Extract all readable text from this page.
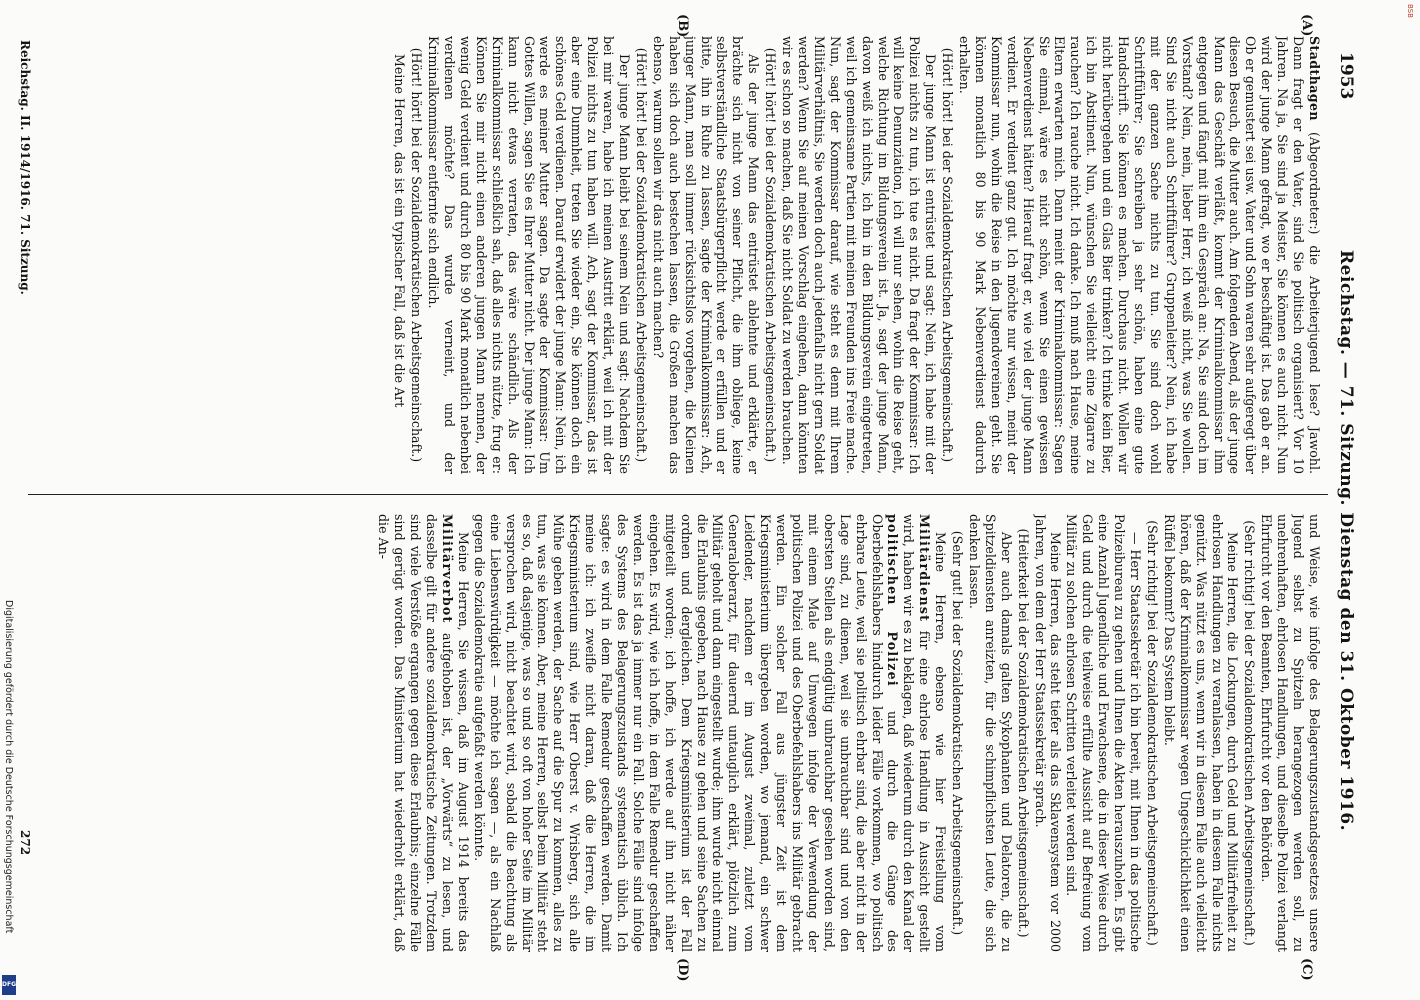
1953
Reichstag. — 71. Sitzung. Dienstag den 31. Oktober 1916.
(A)
(B)
(C)
(D)

Stadthagen (Abgeordneter:) die Arbeiterjugend lese? Jawohl. Dann fragt er den Vater, sind Sie politisch organisiert? Vor 10 Jahren. Na ja, Sie sind ja Meister, Sie können es auch nicht. Nun wird der junge Mann gefragt, wo er beschäftigt ist. Das gab er an. Ob er gemustert sei usw. Vater und Sohn waren sehr aufgeregt über diesen Besuch, die Mutter auch. Am folgenden Abend, als der junge Mann das Geschäft verläßt, kommt der Kriminalkommissar ihm entgegen und fängt mit ihm ein Gespräch an: Na, Sie sind doch im Vorstand? Nein, nein, lieber Herr, ich weiß nicht, was Sie wollen. Sind Sie nicht auch Schriftführer? Gruppenleiter? Nein, ich habe mit der ganzen Sache nichts zu tun. Sie sind doch wohl Schriftführer; Sie schreiben ja sehr schön, haben eine gute Handschrift. Sie können es machen. Durchaus nicht. Wollen wir nicht herübergehen und ein Glas Bier trinken? Ich trinke kein Bier, ich bin Abstinent. Nun, wünschen Sie vielleicht eine Zigarre zu rauchen? Ich rauche nicht. Ich danke. Ich muß nach Hause, meine Eltern erwarten mich. Dann meint der Kriminalkommissar: Sagen Sie einmal, wäre es nicht schön, wenn Sie einen gewissen Nebenverdienst hätten? Hierauf fragt er, wie viel der junge Mann verdient. Er verdient ganz gut. Ich möchte nur wissen, meint der Kommissar nun, wohin die Reise in den Jugendvereinen geht. Sie können monatlich 80 bis 90 Mark Nebenverdienst dadurch erhalten.

(Hört! hört! bei der Sozialdemokratischen Arbeitsgemeinschaft.)

Der junge Mann ist entrüstet und sagt: Nein, ich habe mit der Polizei nichts zu tun, ich tue es nicht. Da fragt der Kommissar: Ich will keine Denunziation, ich will nur sehen, wohin die Reise geht, welche Richtung im Bildungsverein ist. Ja, sagt der junge Mann, davon weiß ich nichts, ich bin in den Bildungsverein eingetreten, weil ich gemeinsame Partien mit meinen Freunden ins Freie mache. Nun, sagt der Kommissar darauf, wie steht es denn mit Ihrem Militärverhältnis, Sie werden doch auch jedenfalls nicht gern Soldat werden? Wenn Sie auf meinen Vorschlag eingehen, dann könnten wir es schon so machen, daß Sie nicht Soldat zu werden brauchen.

(Hört! hört! bei der Sozialdemokratischen Arbeitsgemeinschaft.)

Als der junge Mann das entrüstet ablehnte und erklärte, er brächte sich nicht von seiner Pflicht, die ihm obliege, keine selbstverständliche Staatsbürgerpflicht werde er erfüllen und er bitte, ihn in Ruhe zu lassen, sagte der Kriminalkommissar: Ach, junger Mann, man soll immer rücksichtslos vorgehen, die Kleinen haben sich doch auch bestechen lassen, die Großen machen das ebenso, warum sollen wir das nicht auch machen?

(Hört! hört! bei der Sozialdemokratischen Arbeitsgemeinschaft.)

Der junge Mann bleibt bei seinem Nein und sagt: Nachdem Sie bei mir waren, habe ich meinen Austritt erklärt, weil ich mit der Polizei nichts zu tun haben will. Ach, sagt der Kommissar, das ist aber eine Dummheit, treten Sie wieder ein, Sie können doch ein schönes Geld verdienen. Darauf erwidert der junge Mann: Nein, ich werde es meiner Mutter sagen. Da sagte der Kommissar: Um Gottes Willen, sagen Sie es Ihrer Mutter nicht. Der junge Mann: Ich kann nicht etwas verraten, das wäre schändlich. Als der Kriminalkommissar schließlich sah, daß alles nichts nützte, frug er: Können Sie mir nicht einen anderen jungen Mann nennen, der wenig Geld verdient und durch 80 bis 90 Mark monatlich nebenbei verdienen möchte? Das wurde verneint, und der Kriminalkommissar entfernte sich endlich.

(Hört! hört! bei der Sozialdemokratischen Arbeitsgemeinschaft.)

Meine Herren, das ist ein typischer Fall, daß ist die Art

und Weise, wie infolge des Belagerungszustandsgesetzes unsere Jugend selbst zu Spitzeln herangezogen werden soll, zu unehrenhaften, ehrlosen Handlungen, und dieselbe Polizei verlangt Ehrfurcht vor den Beamten, Ehrfurcht vor den Behörden.

(Sehr richtig! bei der Sozialdemokratischen Arbeitsgemeinschaft.)

Meine Herren, die Lockungen, durch Geld und Militärfreiheit zu ehrlosen Handlungen zu veranlassen, haben in diesem Falle nichts genützt. Was nützt es uns, wenn wir in diesem Falle auch vielleicht hören, daß der Kriminalkommissar wegen Ungeschicklichkeit einen Rüffel bekommt? Das System bleibt.

(Sehr richtig! bei der Sozialdemokratischen Arbeitsgemeinschaft.)

— Herr Staatssekretär ich bin bereit, mit Ihnen in das politische Polizeibureau zu gehen und Ihnen die Akten herauszuholen. Es gibt eine Anzahl Jugendliche und Erwachsene, die in dieser Weise durch Geld und durch die teilweise erfüllte Aussicht auf Befreiung vom Militär zu solchen ehrlosen Schritten verleitet werden sind.

Meine Herren, das steht tiefer als das Sklavensystem vor 2000 Jahren, von dem der Herr Staatssekretär sprach.

(Heiterkeit bei der Sozialdemokratischen Arbeitsgemeinschaft.)

Aber auch damals galten Sykophanten und Delatoren, die zu Spitzeldiensten anreizten, für die schimpflichsten Leute, die sich denken lassen.

(Sehr gut! bei der Sozialdemokratischen Arbeitsgemeinschaft.)

Meine Herren, ebenso wie hier Freistellung vom Militärdienst für eine ehrlose Handlung in Aussicht gestellt wird, haben wir es zu beklagen, daß wiederum durch den Kanal der politischen Polizei und durch die Gänge des Oberbefehlshabers hindurch leider Fälle vorkommen, wo politisch ehrbare Leute, weil sie politisch ehrbar sind, die aber nicht in der Lage sind, zu dienen, weil sie unbrauchbar sind und von den obersten Stellen als endgültig unbrauchbar gesehen worden sind, mit einem Male auf Umwegen infolge der Verwendung der politischen Polizei und des Oberbefehlshabers ins Militär gebracht werden. Ein solcher Fall aus jüngster Zeit ist dem Kriegsministerium übergeben worden, wo jemand, ein schwer Leidender, nachdem er im August zweimal, zuletzt vom Generaloberarzt, für dauernd untauglich erklärt, plötzlich zum Militär geholt und dann eingestellt wurde; ihm wurde nicht einmal die Erlaubnis gegeben, nach Hause zu gehen und seine Sachen zu ordnen und dergleichen. Dem Kriegsministerium ist der Fall mitgeteilt worden; ich hoffe, ich werde auf ihn nicht näher eingehen. Es wird, wie ich hoffe, in dem Falle Remedur geschaffen werden. Es ist das ja immer nur ein Fall. Solche Fälle sind infolge des Systems des Belagerungszustands systematisch üblich. Ich sagte: es wird in dem Falle Remedur geschaffen werden. Damit meine ich: ich zweifle nicht daran, daß die Herren, die im Kriegsministerium sind, wie Herr Oberst v. Wrisberg, sich alle Mühe geben werden, der Sache auf die Spur zu kommen, alles zu tun, was sie können. Aber, meine Herren, selbst beim Militär steht es so, daß dasjenige, was so und so oft von hoher Seite im Militär versprochen wird, nicht beachtet wird, sobald die Beachtung als eine Liebenswürdigkeit — möchte ich sagen —, als ein Nachlaß gegen die Sozialdemokratie aufgefaßt werden könnte.

Meine Herren, Sie wissen, daß im August 1914 bereits das Militärverbot aufgehoben ist, der „Vorwärts“ zu lesen, und dasselbe gilt für andere sozialdemokratische Zeitungen. Trotzdem sind viele Verstöße ergangen gegen diese Erlaubnis; einzelne Fälle sind gerügt worden. Das Ministerium hat wiederholt erklärt, daß die An-

Reichstag. II. 1914/1916. 71. Sitzung.
272
Digitalisierung gefördert durch die Deutsche Forschungsgemeinschaft
DFG
BSB
